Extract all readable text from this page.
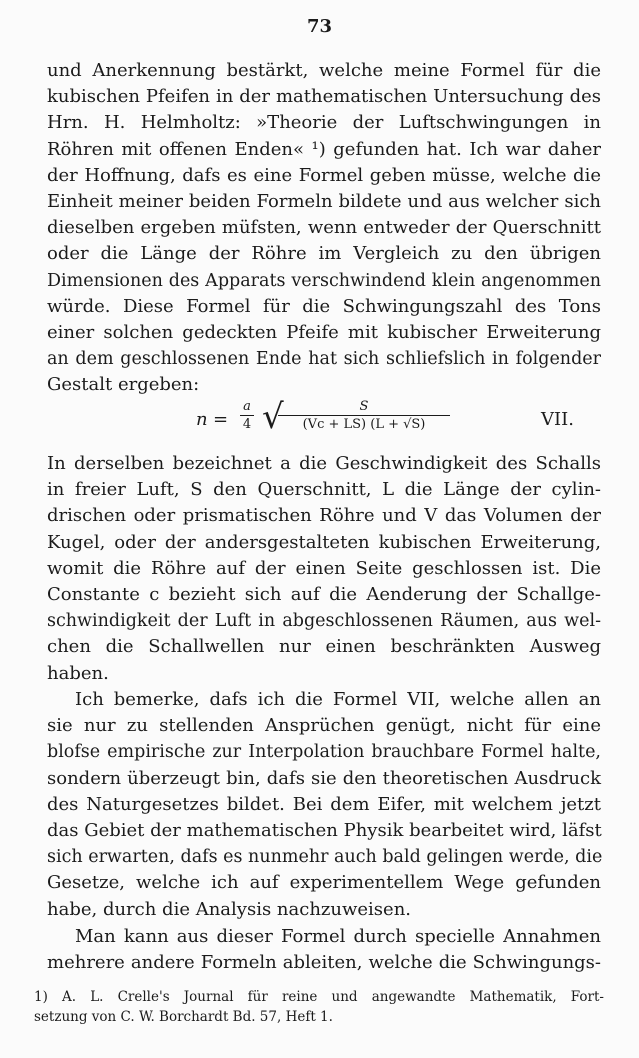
73
und Anerkennung bestärkt, welche meine Formel für die
kubischen Pfeifen in der mathematischen Untersuchung des
Hrn. H. Helmholtz: »Theorie der Luftschwingungen in
Röhren mit offenen Enden« ¹) gefunden hat. Ich war daher
der Hoffnung, dafs es eine Formel geben müsse, welche die
Einheit meiner beiden Formeln bildete und aus welcher sich
dieselben ergeben müfsten, wenn entweder der Querschnitt
oder die Länge der Röhre im Vergleich zu den übrigen
Dimensionen des Apparats verschwindend klein angenommen
würde. Diese Formel für die Schwingungszahl des Tons
einer solchen gedeckten Pfeife mit kubischer Erweiterung
an dem geschlossenen Ende hat sich schliefslich in folgender
Gestalt ergeben:
n =
a
4 √	S
(Vc + LS) (L + √S)	VII.
In derselben bezeichnet a die Geschwindigkeit des Schalls
in freier Luft, S den Querschnitt, L die Länge der cylin-
drischen oder prismatischen Röhre und V das Volumen der
Kugel, oder der andersgestalteten kubischen Erweiterung,
womit die Röhre auf der einen Seite geschlossen ist. Die
Constante c bezieht sich auf die Aenderung der Schallge-
schwindigkeit der Luft in abgeschlossenen Räumen, aus wel-
chen die Schallwellen nur einen beschränkten Ausweg
haben.
Ich bemerke, dafs ich die Formel VII, welche allen an
sie nur zu stellenden Ansprüchen genügt, nicht für eine
blofse empirische zur Interpolation brauchbare Formel halte,
sondern überzeugt bin, dafs sie den theoretischen Ausdruck
des Naturgesetzes bildet. Bei dem Eifer, mit welchem jetzt
das Gebiet der mathematischen Physik bearbeitet wird, läfst
sich erwarten, dafs es nunmehr auch bald gelingen werde, die
Gesetze, welche ich auf experimentellem Wege gefunden
habe, durch die Analysis nachzuweisen.
Man kann aus dieser Formel durch specielle Annahmen
mehrere andere Formeln ableiten, welche die Schwingungs-
1) A. L. Crelle's Journal für reine und angewandte Mathematik, Fort-
setzung von C. W. Borchardt Bd. 57, Heft 1.
